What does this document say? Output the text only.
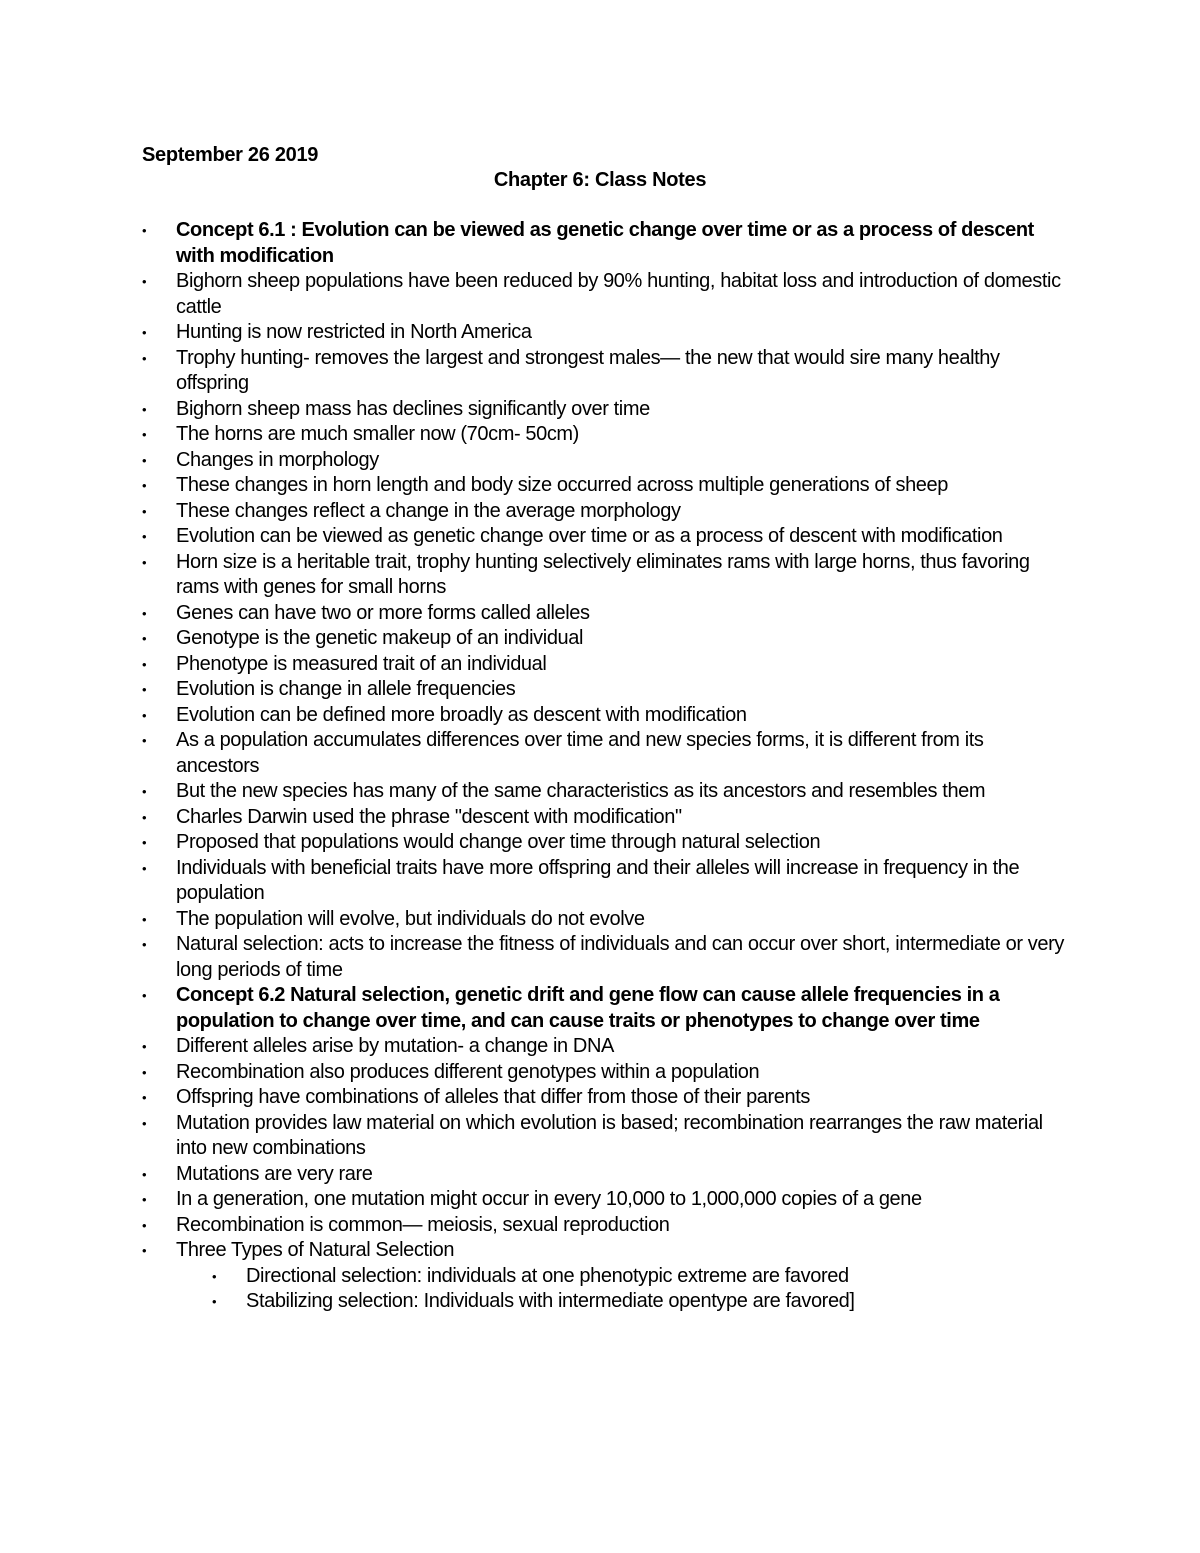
September 26 2019
Chapter 6: Class Notes
• Concept 6.1 : Evolution can be viewed as genetic change over time or as a process of descent with modification
• Bighorn sheep populations have been reduced by 90% hunting, habitat loss and introduction of domestic cattle
• Hunting is now restricted in North America
• Trophy hunting- removes the largest and strongest males— the new that would sire many healthy offspring
• Bighorn sheep mass has declines significantly over time
• The horns are much smaller now (70cm- 50cm)
• Changes in morphology
• These changes in horn length and body size occurred across multiple generations of sheep
• These changes reflect a change in the average morphology
• Evolution can be viewed as genetic change over time or as a process of descent with modification
• Horn size is a heritable trait, trophy hunting selectively eliminates rams with large horns, thus favoring rams with genes for small horns
• Genes can have two or more forms called alleles
• Genotype is the genetic makeup of an individual
• Phenotype is measured trait of an individual
• Evolution is change in allele frequencies
• Evolution can be defined more broadly as descent with modification
• As a population accumulates differences over time and new species forms, it is different from its ancestors
• But the new species has many of the same characteristics as its ancestors and resembles them
• Charles Darwin used the phrase "descent with modification"
• Proposed that populations would change over time through natural selection
• Individuals with beneficial traits have more offspring and their alleles will increase in frequency in the population
• The population will evolve, but individuals do not evolve
• Natural selection: acts to increase the fitness of individuals and can occur over short, intermediate or very long periods of time
• Concept 6.2 Natural selection, genetic drift and gene flow can cause allele frequencies in a population to change over time, and can cause traits or phenotypes to change over time
• Different alleles arise by mutation- a change in DNA
• Recombination also produces different genotypes within a population
• Offspring have combinations of alleles that differ from those of their parents
• Mutation provides law material on which evolution is based; recombination rearranges the raw material into new combinations
• Mutations are very rare
• In a generation, one mutation might occur in every 10,000 to 1,000,000 copies of a gene
• Recombination is common— meiosis, sexual reproduction
• Three Types of Natural Selection
• Directional selection: individuals at one phenotypic extreme are favored
• Stabilizing selection: Individuals with intermediate opentype are favored]
